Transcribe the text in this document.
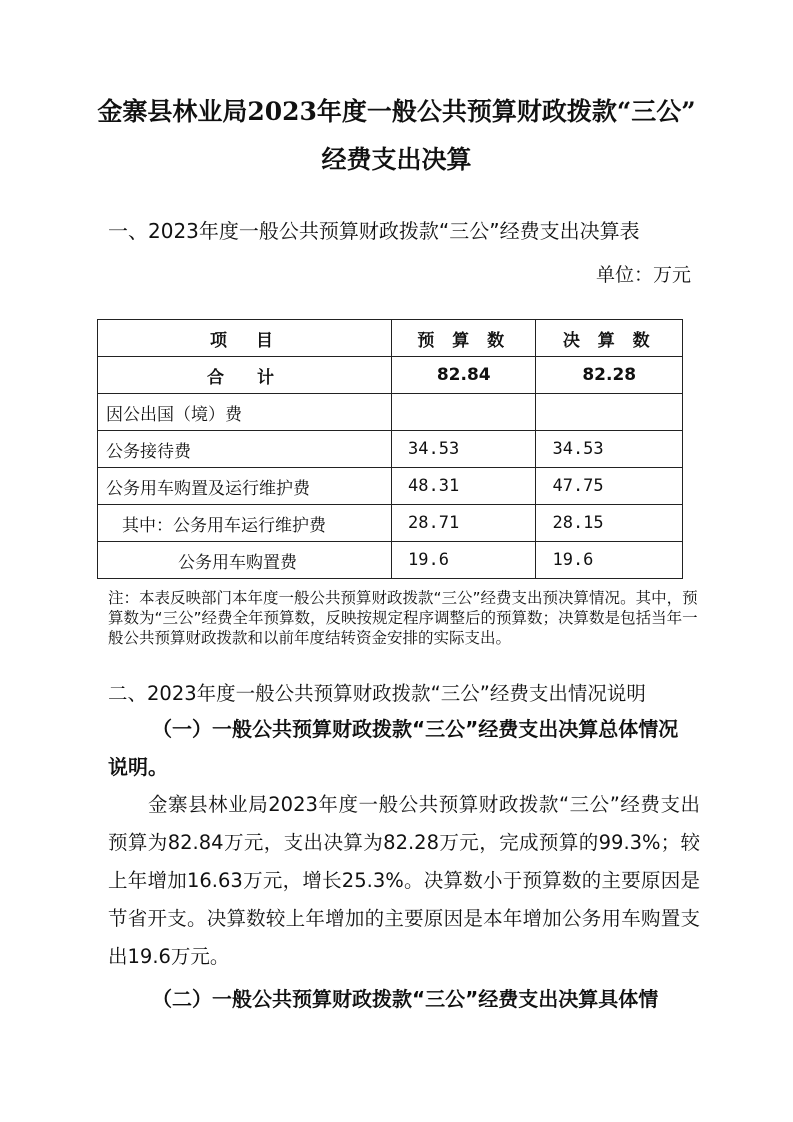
金寨县林业局2023年度一般公共预算财政拨款“三公”
经费支出决算
一、2023年度一般公共预算财政拨款“三公”经费支出决算表
单位：万元
项　目	预 算 数	决 算 数
合　计	82.84	82.28
因公出国（境）费		
公务接待费	34.53	34.53
公务用车购置及运行维护费	48.31	47.75
其中：公务用车运行维护费	28.71	28.15
公务用车购置费	19.6	19.6
注：本表反映部门本年度一般公共预算财政拨款“三公”经费支出预决算情况。其中，预算数为“三公”经费全年预算数，反映按规定程序调整后的预算数；决算数是包括当年一般公共预算财政拨款和以前年度结转资金安排的实际支出。
二、2023年度一般公共预算财政拨款“三公”经费支出情况说明
（一）一般公共预算财政拨款“三公”经费支出决算总体情况说明。
金寨县林业局2023年度一般公共预算财政拨款“三公”经费支出预算为82.84万元，支出决算为82.28万元，完成预算的99.3%；较上年增加16.63万元，增长25.3%。决算数小于预算数的主要原因是节省开支。决算数较上年增加的主要原因是本年增加公务用车购置支出19.6万元。
（二）一般公共预算财政拨款“三公”经费支出决算具体情
